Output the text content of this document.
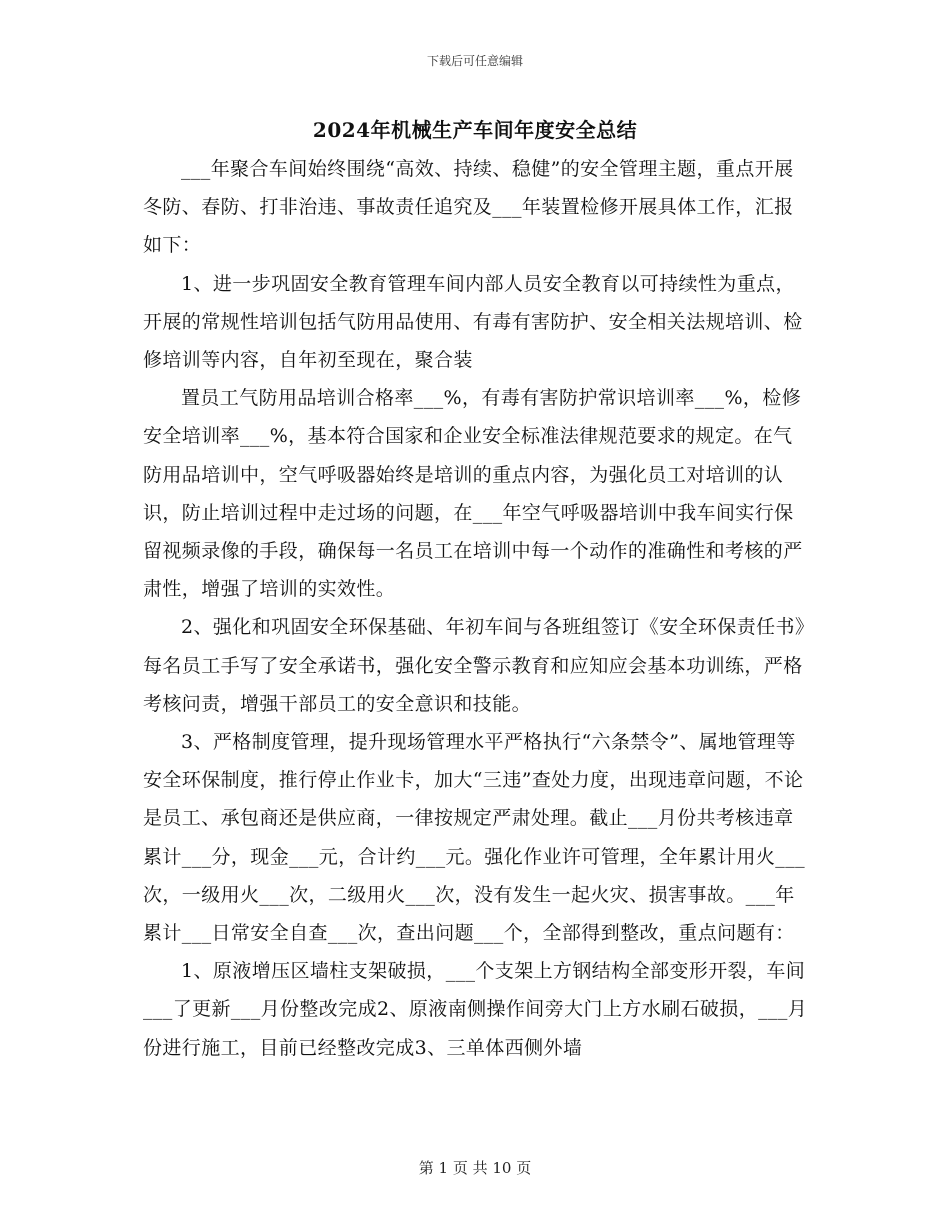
下载后可任意编辑
2024年机械生产车间年度安全总结

___年聚合车间始终围绕“高效、持续、稳健”的安全管理主题，重点开展冬防、春防、打非治违、事故责任追究及___年装置检修开展具体工作，汇报如下：

1、进一步巩固安全教育管理车间内部人员安全教育以可持续性为重点，开展的常规性培训包括气防用品使用、有毒有害防护、安全相关法规培训、检修培训等内容，自年初至现在，聚合装

置员工气防用品培训合格率___%，有毒有害防护常识培训率___%，检修安全培训率___%，基本符合国家和企业安全标准法律规范要求的规定。在气防用品培训中，空气呼吸器始终是培训的重点内容，为强化员工对培训的认识，防止培训过程中走过场的问题，在___年空气呼吸器培训中我车间实行保留视频录像的手段，确保每一名员工在培训中每一个动作的准确性和考核的严肃性，增强了培训的实效性。

2、强化和巩固安全环保基础、年初车间与各班组签订《安全环保责任书》每名员工手写了安全承诺书，强化安全警示教育和应知应会基本功训练，严格考核问责，增强干部员工的安全意识和技能。

3、严格制度管理，提升现场管理水平严格执行“六条禁令”、属地管理等安全环保制度，推行停止作业卡，加大“三违”查处力度，出现违章问题，不论是员工、承包商还是供应商，一律按规定严肃处理。截止___月份共考核违章累计___分，现金___元，合计约___元。强化作业许可管理，全年累计用火___次，一级用火___次，二级用火___次，没有发生一起火灾、损害事故。___年累计___日常安全自查___次，查出问题___个，全部得到整改，重点问题有：

1、原液增压区墙柱支架破损，___个支架上方钢结构全部变形开裂，车间___了更新___月份整改完成2、原液南侧操作间旁大门上方水刷石破损，___月份进行施工，目前已经整改完成3、三单体西侧外墙

第 1 页 共 10 页
